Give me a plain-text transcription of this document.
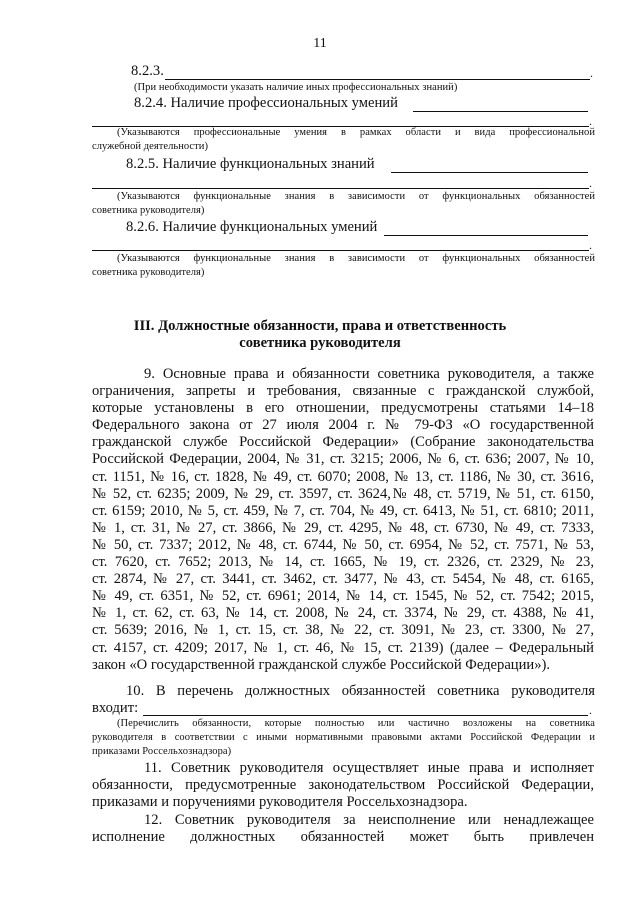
11
8.2.3.	.
(При необходимости указать наличие иных профессиональных знаний)
8.2.4. Наличие профессиональных умений
.
(Указываются профессиональные умения в рамках области и вида профессиональной
служебной деятельности)
8.2.5. Наличие функциональных знаний
.
(Указываются функциональные знания в зависимости от функциональных обязанностей
советника руководителя)
8.2.6. Наличие функциональных умений
.
(Указываются функциональные знания в зависимости от функциональных обязанностей
советника руководителя)
III. Должностные обязанности, права и ответственность
советника руководителя
9. Основные права и обязанности советника руководителя, а также
ограничения, запреты и требования, связанные с гражданской службой,
которые установлены в его отношении, предусмотрены статьями 14–18
Федерального закона от 27 июля 2004 г. № 79-ФЗ «О государственной
гражданской службе Российской Федерации» (Собрание законодательства
Российской Федерации, 2004, № 31, ст. 3215; 2006, № 6, ст. 636; 2007, № 10,
ст. 1151, № 16, ст. 1828, № 49, ст. 6070; 2008, № 13, ст. 1186, № 30, ст. 3616,
№ 52, ст. 6235; 2009, № 29, ст. 3597, ст. 3624,№ 48, ст. 5719, № 51, ст. 6150,
ст. 6159; 2010, № 5, ст. 459, № 7, ст. 704, № 49, ст. 6413, № 51, ст. 6810; 2011,
№ 1, ст. 31, № 27, ст. 3866, № 29, ст. 4295, № 48, ст. 6730, № 49, ст. 7333,
№ 50, ст. 7337; 2012, № 48, ст. 6744, № 50, ст. 6954, № 52, ст. 7571, № 53,
ст. 7620, ст. 7652; 2013, № 14, ст. 1665, № 19, ст. 2326, ст. 2329, № 23,
ст. 2874, № 27, ст. 3441, ст. 3462, ст. 3477, № 43, ст. 5454, № 48, ст. 6165,
№ 49, ст. 6351, № 52, ст. 6961; 2014, № 14, ст. 1545, № 52, ст. 7542; 2015,
№ 1, ст. 62, ст. 63, № 14, ст. 2008, № 24, ст. 3374, № 29, ст. 4388, № 41,
ст. 5639; 2016, № 1, ст. 15, ст. 38, № 22, ст. 3091, № 23, ст. 3300, № 27,
ст. 4157, ст. 4209; 2017, № 1, ст. 46, № 15, ст. 2139) (далее – Федеральный
закон «О государственной гражданской службе Российской Федерации»).
10. В перечень должностных обязанностей советника руководителя
входит:	.
(Перечислить обязанности, которые полностью или частично возложены на советника
руководителя в соответствии с иными нормативными правовыми актами Российской Федерации и
приказами Россельхознадзора)
11. Советник руководителя осуществляет иные права и исполняет
обязанности, предусмотренные законодательством Российской Федерации,
приказами и поручениями руководителя Россельхознадзора.
12. Советник руководителя за неисполнение или ненадлежащее
исполнение должностных обязанностей может быть привлечен
